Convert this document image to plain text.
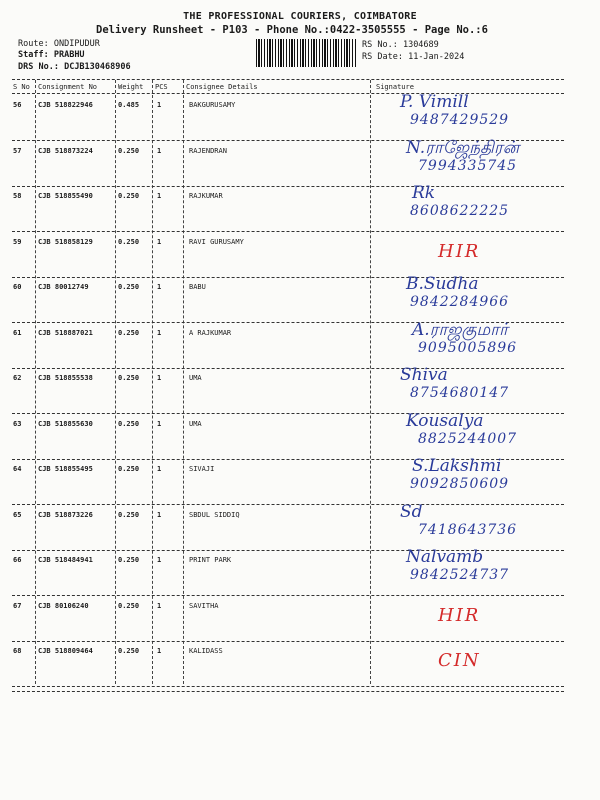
THE PROFESSIONAL COURIERS, COIMBATORE
Delivery Runsheet - P103 - Phone No.:0422-3505555 - Page No.:6
Route: ONDIPUDUR
Staff: PRABHU
DRS No.: DCJB130468906
RS No.: 1304689
RS Date: 11-Jan-2024
S No Consignment No	Weight PCS	Consignee Details	Signature
56 CJB 518822946	0.485	1	BAKGURUSAMY	P. Vimill
9487429529
57 CJB 518873224	0.250	1	RAJENDRAN	N.ராஜேந்திரன்
7994335745
58 CJB 518855490	0.250	1	RAJKUMAR	Rk
8608622225
59 CJB 518858129	0.250	1	RAVI GURUSAMY	HIR
60 CJB 80012749	0.250	1	BABU	B.Sudha
9842284966
61 CJB 518887021	0.250	1	A RAJKUMAR	A.ராஜகுமார்
9095005896
62 CJB 518855538	0.250	1	UMA	Shiva
8754680147
63 CJB 518855630	0.250	1	UMA	Kousalya
8825244007
64 CJB 518855495	0.250	1	SIVAJI	S.Lakshmi
9092850609
65 CJB 518873226	0.250	1	SBDUL SIDDIQ	Sd
7418643736
66 CJB 518484941	0.250	1	PRINT PARK	Nalvamb
9842524737
67 CJB 80106240	0.250	1	SAVITHA	HIR
68 CJB 518809464	0.250	1	KALIDASS	CIN
